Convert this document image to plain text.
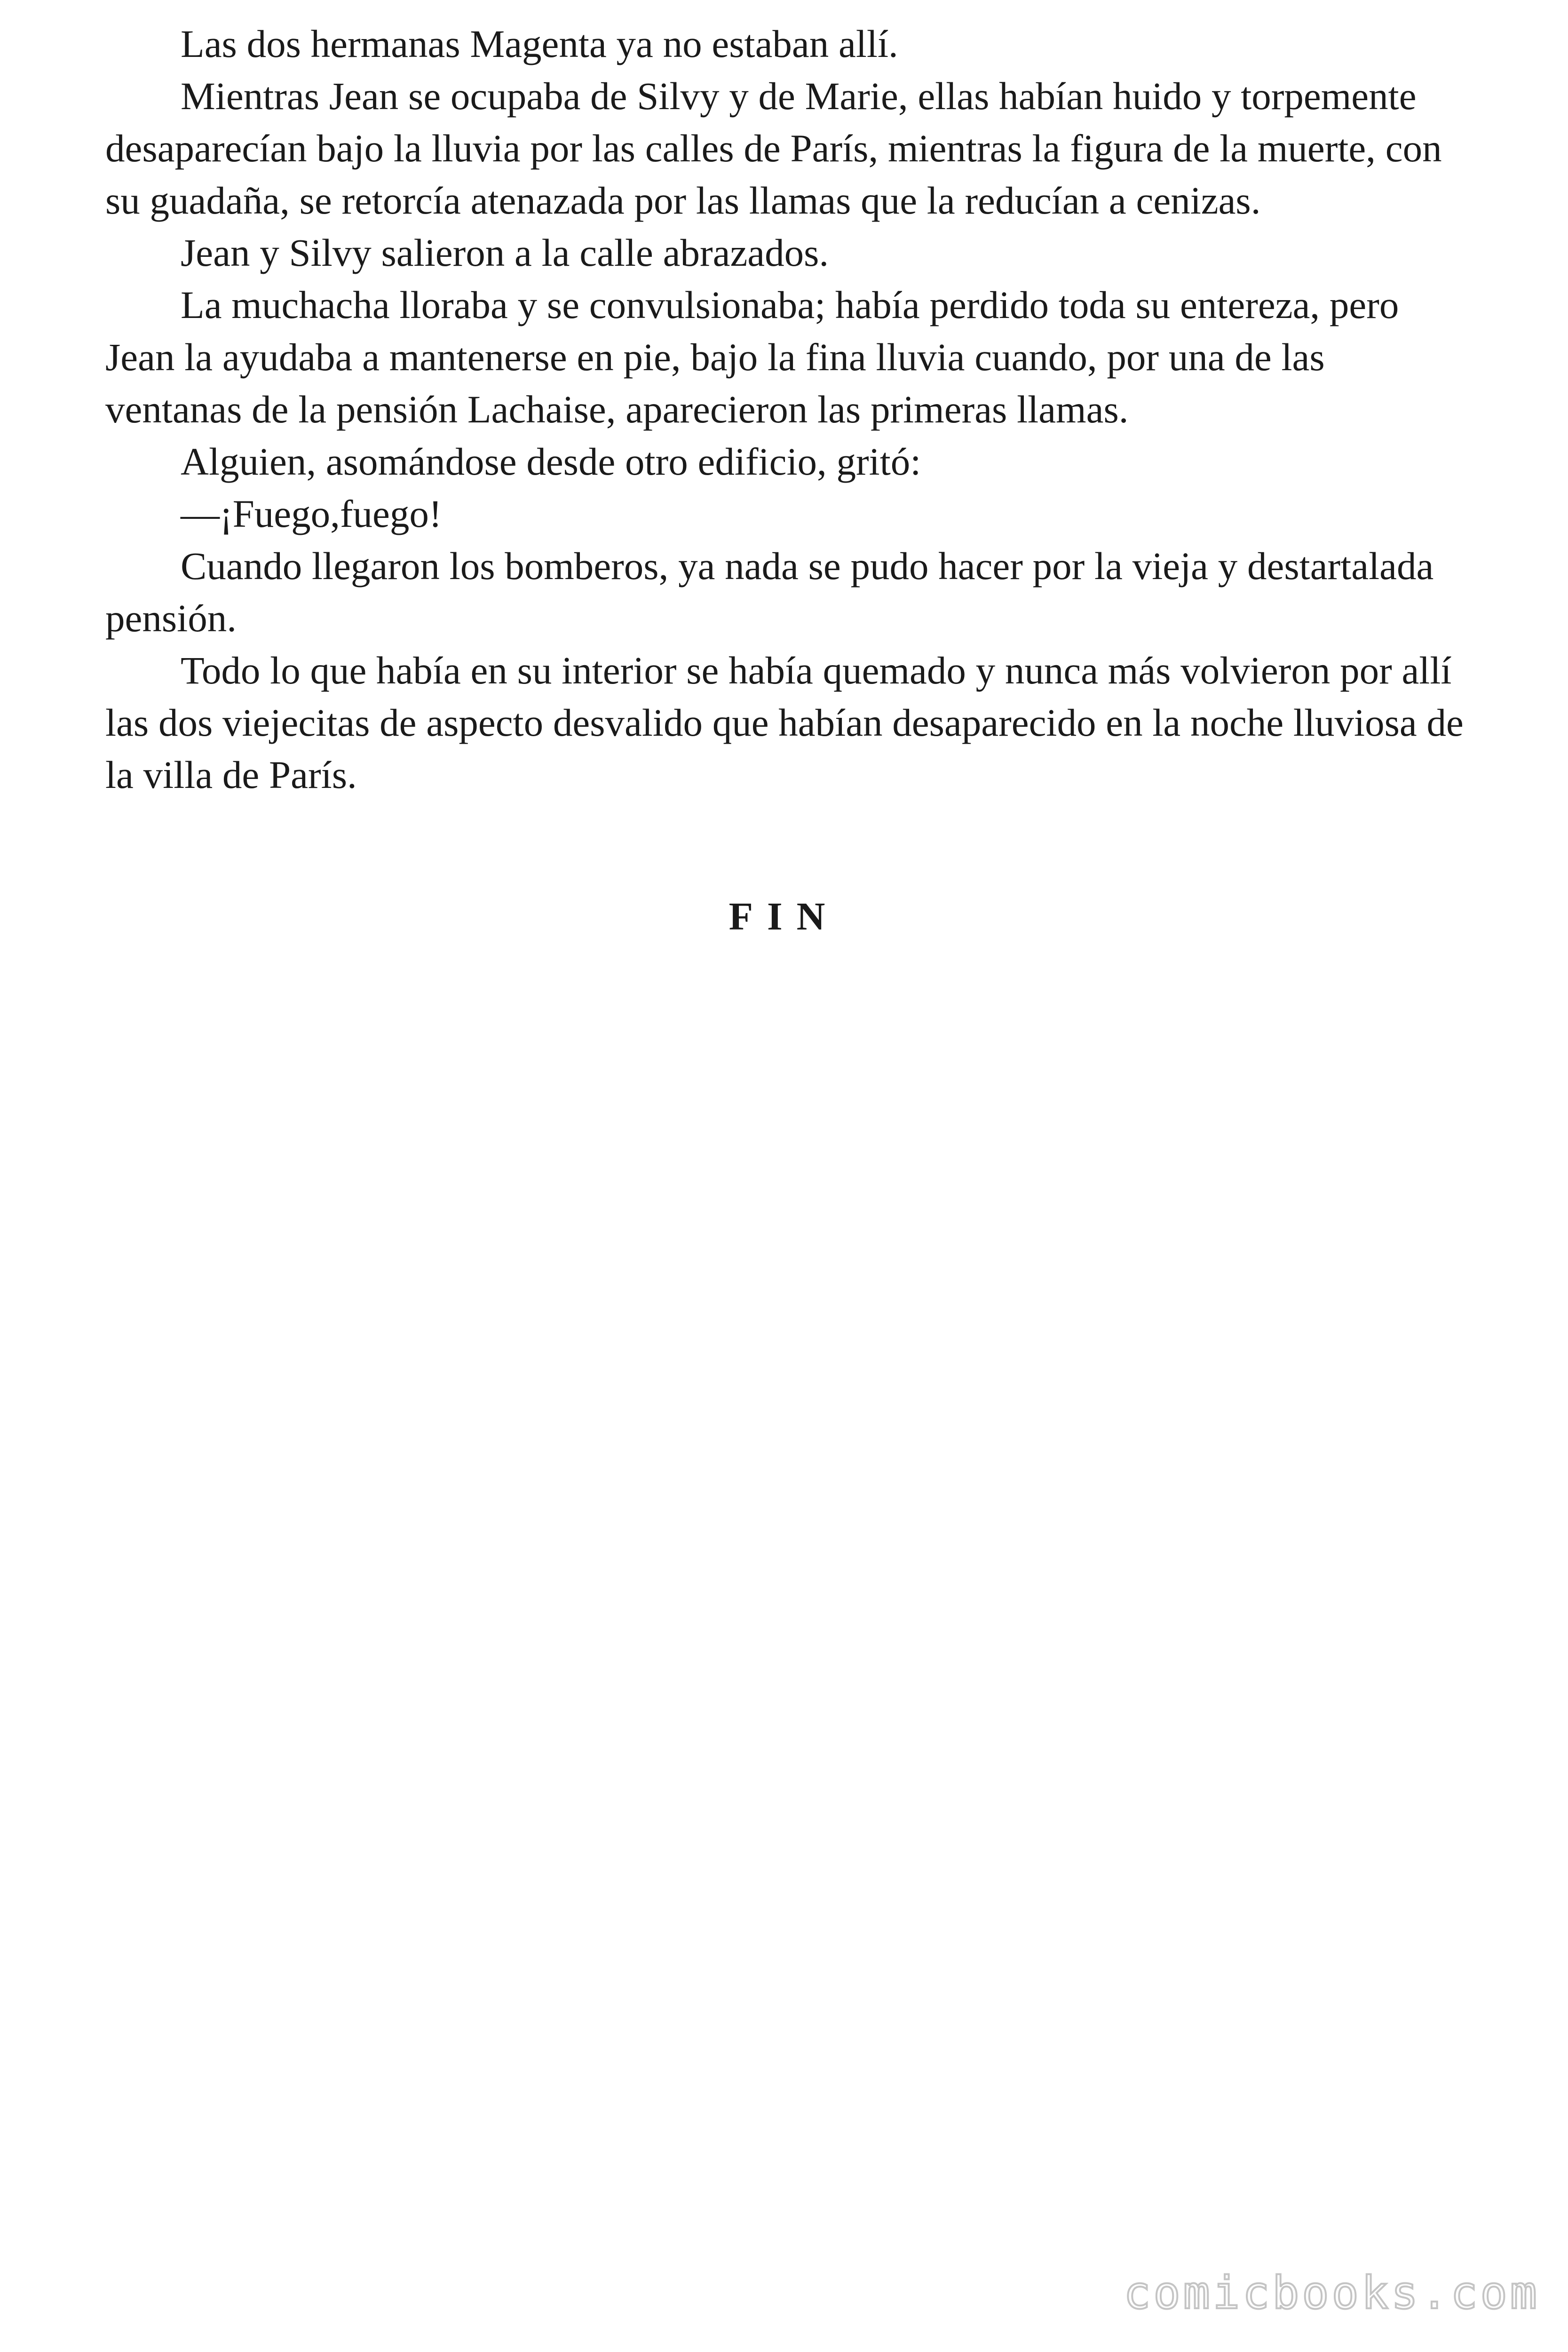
Las dos hermanas Magenta ya no estaban allí.

Mientras Jean se ocupaba de Silvy y de Marie, ellas habían huido y torpemente desaparecían bajo la lluvia por las calles de París, mientras la figura de la muerte, con su guadaña, se retorcía atenazada por las llamas que la reducían a cenizas.

Jean y Silvy salieron a la calle abrazados.

La muchacha lloraba y se convulsionaba; había perdido toda su entereza, pero Jean la ayudaba a mantenerse en pie, bajo la fina lluvia cuando, por una de las ventanas de la pensión Lachaise, aparecieron las primeras llamas.

Alguien, asomándose desde otro edificio, gritó:

—¡Fuego,fuego!

Cuando llegaron los bomberos, ya nada se pudo hacer por la vieja y destartalada pensión.

Todo lo que había en su interior se había quemado y nunca más volvieron por allí las dos viejecitas de aspecto desvalido que habían desaparecido en la noche lluviosa de la villa de París.

FIN
comicbooks.com
